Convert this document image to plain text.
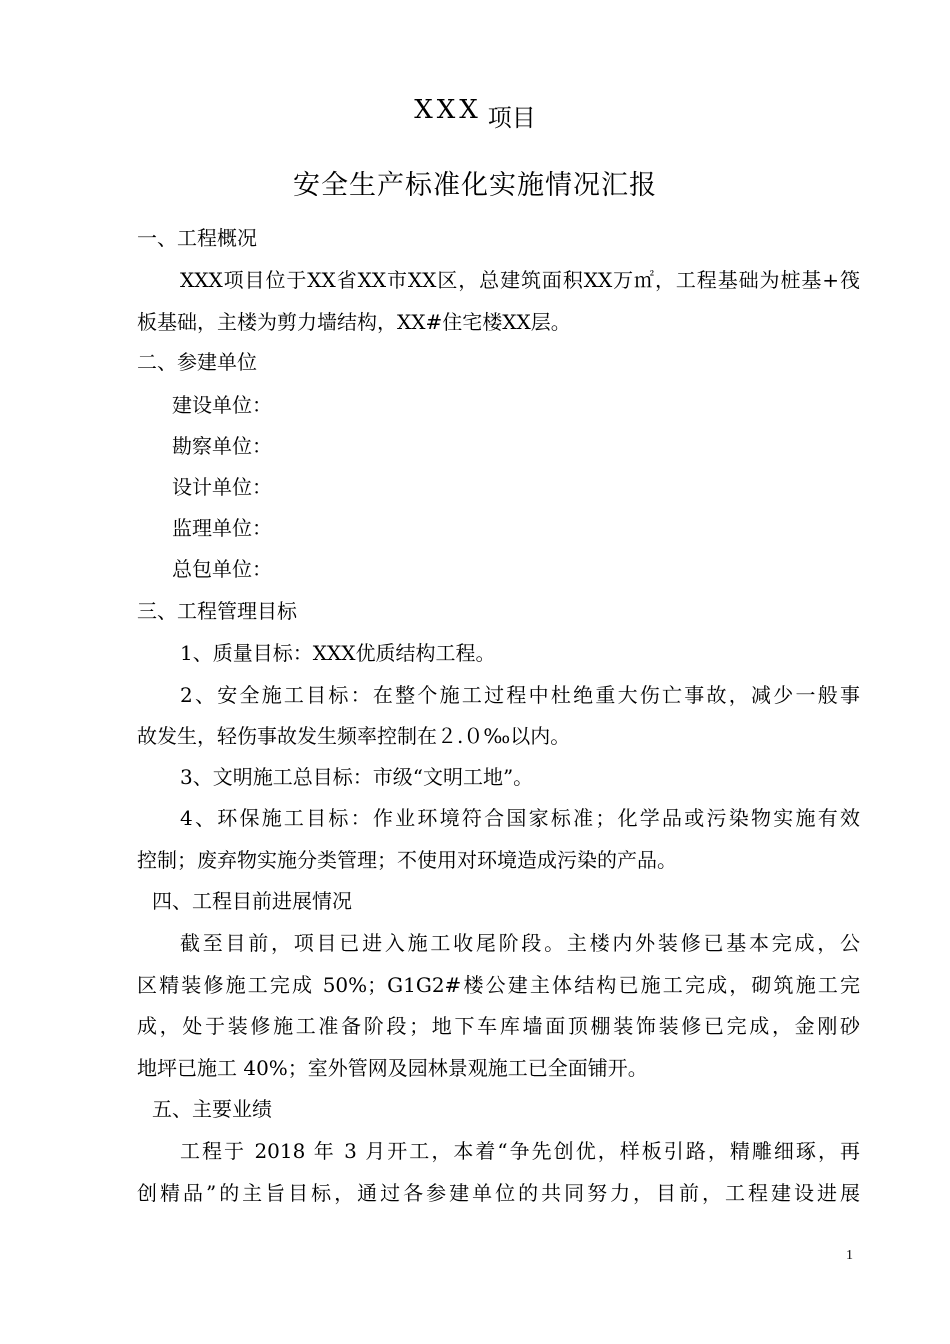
XXX 项目
安全生产标准化实施情况汇报
一、工程概况
XXX项目位于XX省XX市XX区，总建筑面积XX万㎡，工程基础为桩基+筏
板基础，主楼为剪力墙结构，XX#住宅楼XX层。
二、参建单位
建设单位：
勘察单位：
设计单位：
监理单位：
总包单位：
三、工程管理目标
1、质量目标：XXX优质结构工程。
2、安全施工目标：在整个施工过程中杜绝重大伤亡事故，减少一般事
故发生，轻伤事故发生频率控制在２.０‰以内。
3、文明施工总目标：市级“文明工地”。
4、环保施工目标：作业环境符合国家标准；化学品或污染物实施有效
控制；废弃物实施分类管理；不使用对环境造成污染的产品。
四、工程目前进展情况
截至目前，项目已进入施工收尾阶段。主楼内外装修已基本完成，公
区精装修施工完成 50%；G1G2#楼公建主体结构已施工完成，砌筑施工完
成，处于装修施工准备阶段；地下车库墙面顶棚装饰装修已完成，金刚砂
地坪已施工 40%；室外管网及园林景观施工已全面铺开。
五、主要业绩
工程于 2018 年 3 月开工，本着“争先创优，样板引路，精雕细琢，再
创精品”的主旨目标，通过各参建单位的共同努力，目前，工程建设进展
1
